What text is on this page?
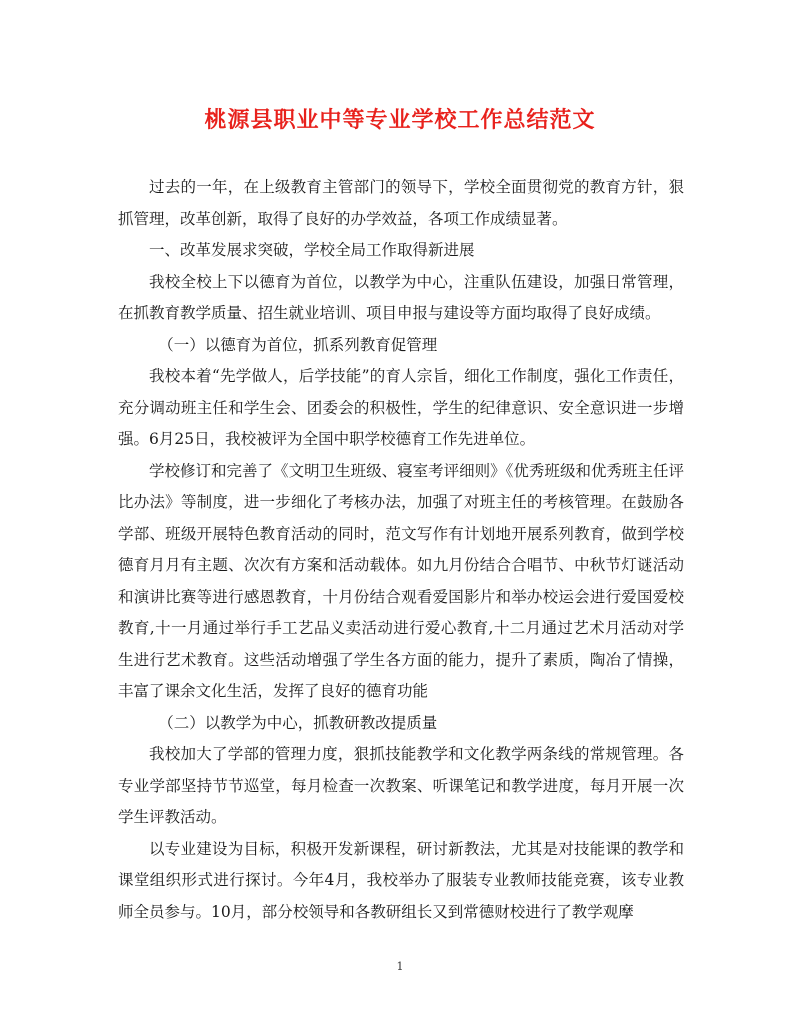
桃源县职业中等专业学校工作总结范文

过去的一年，在上级教育主管部门的领导下，学校全面贯彻党的教育方针，狠抓管理，改革创新，取得了良好的办学效益，各项工作成绩显著。

一、改革发展求突破，学校全局工作取得新进展

我校全校上下以德育为首位，以教学为中心，注重队伍建设，加强日常管理，在抓教育教学质量、招生就业培训、项目申报与建设等方面均取得了良好成绩。

（一）以德育为首位，抓系列教育促管理

我校本着“先学做人，后学技能”的育人宗旨，细化工作制度，强化工作责任，充分调动班主任和学生会、团委会的积极性，学生的纪律意识、安全意识进一步增强。6月25日，我校被评为全国中职学校德育工作先进单位。

学校修订和完善了《文明卫生班级、寝室考评细则》《优秀班级和优秀班主任评比办法》等制度，进一步细化了考核办法，加强了对班主任的考核管理。在鼓励各学部、班级开展特色教育活动的同时，范文写作有计划地开展系列教育，做到学校德育月月有主题、次次有方案和活动载体。如九月份结合合唱节、中秋节灯谜活动和演讲比赛等进行感恩教育，十月份结合观看爱国影片和举办校运会进行爱国爱校教育,十一月通过举行手工艺品义卖活动进行爱心教育,十二月通过艺术月活动对学生进行艺术教育。这些活动增强了学生各方面的能力，提升了素质，陶冶了情操，丰富了课余文化生活，发挥了良好的德育功能

（二）以教学为中心，抓教研教改提质量

我校加大了学部的管理力度，狠抓技能教学和文化教学两条线的常规管理。各专业学部坚持节节巡堂，每月检查一次教案、听课笔记和教学进度，每月开展一次学生评教活动。

以专业建设为目标，积极开发新课程，研讨新教法，尤其是对技能课的教学和课堂组织形式进行探讨。今年4月，我校举办了服装专业教师技能竞赛，该专业教师全员参与。10月，部分校领导和各教研组长又到常德财校进行了教学观摩

1
